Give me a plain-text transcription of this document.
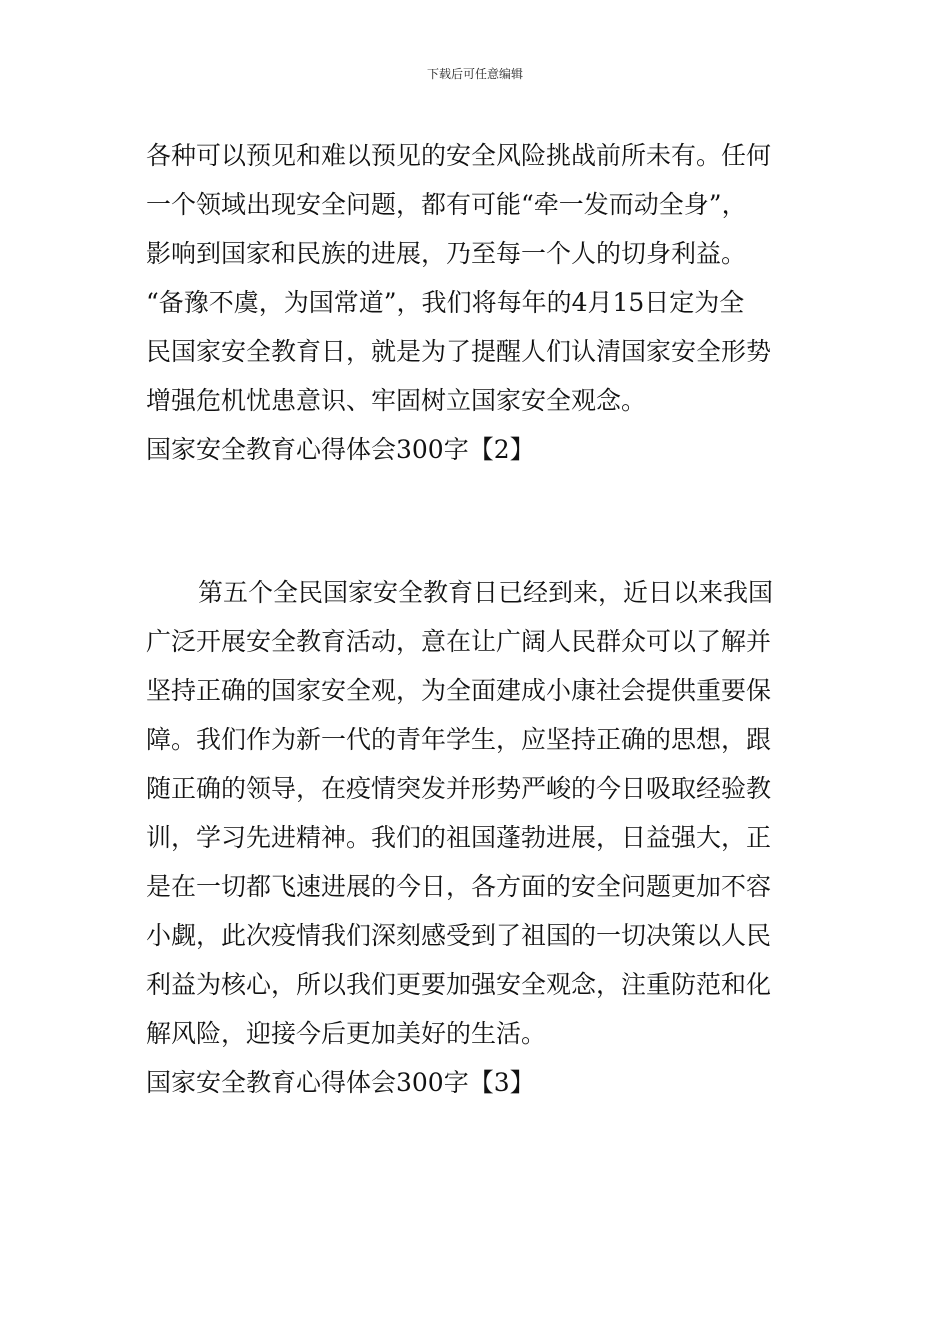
下载后可任意编辑
各种可以预见和难以预见的安全风险挑战前所未有。任何
一个领域出现安全问题，都有可能“牵一发而动全身”，
影响到国家和民族的进展，乃至每一个人的切身利益。
“备豫不虞，为国常道”，我们将每年的4月15日定为全
民国家安全教育日，就是为了提醒人们认清国家安全形势
增强危机忧患意识、牢固树立国家安全观念。
国家安全教育心得体会300字【2】
第五个全民国家安全教育日已经到来，近日以来我国
广泛开展安全教育活动，意在让广阔人民群众可以了解并
坚持正确的国家安全观，为全面建成小康社会提供重要保
障。我们作为新一代的青年学生，应坚持正确的思想，跟
随正确的领导，在疫情突发并形势严峻的今日吸取经验教
训，学习先进精神。我们的祖国蓬勃进展，日益强大，正
是在一切都飞速进展的今日，各方面的安全问题更加不容
小觑，此次疫情我们深刻感受到了祖国的一切决策以人民
利益为核心，所以我们更要加强安全观念，注重防范和化
解风险，迎接今后更加美好的生活。
国家安全教育心得体会300字【3】
